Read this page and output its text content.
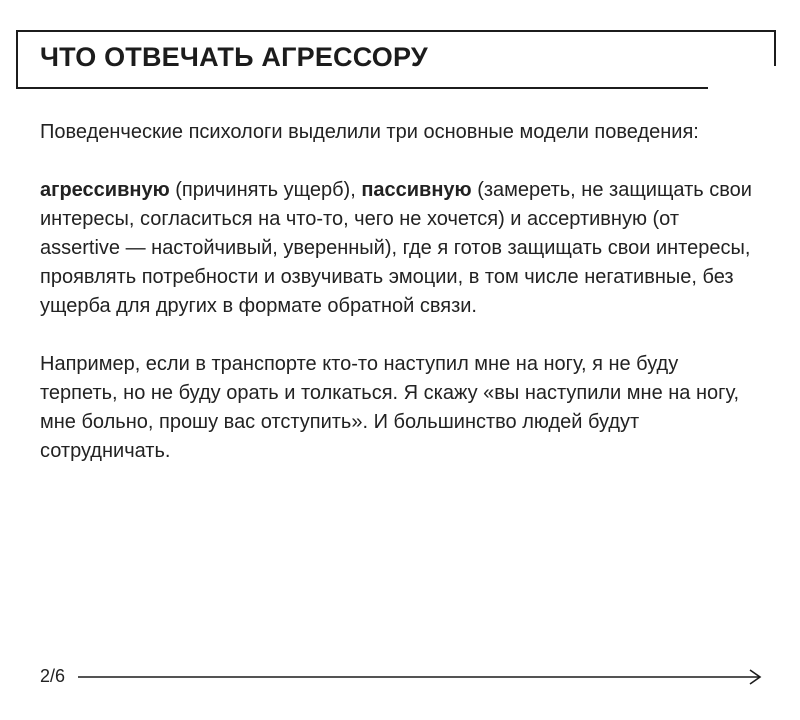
ЧТО ОТВЕЧАТЬ АГРЕССОРУ

Поведенческие психологи выделили три основные модели поведения:

агрессивную (причинять ущерб), пассивную (замереть, не защищать свои интересы, согласиться на что-то, чего не хочется) и ассертивную (от assertive — настойчивый, уверенный), где я готов защищать свои интересы, проявлять потребности и озвучивать эмоции, в том числе негативные, без ущерба для других в формате обратной связи.

Например, если в транспорте кто-то наступил мне на ногу, я не буду терпеть, но не буду орать и толкаться. Я скажу «вы наступили мне на ногу, мне больно, прошу вас отступить». И большинство людей будут сотрудничать.

2/6
